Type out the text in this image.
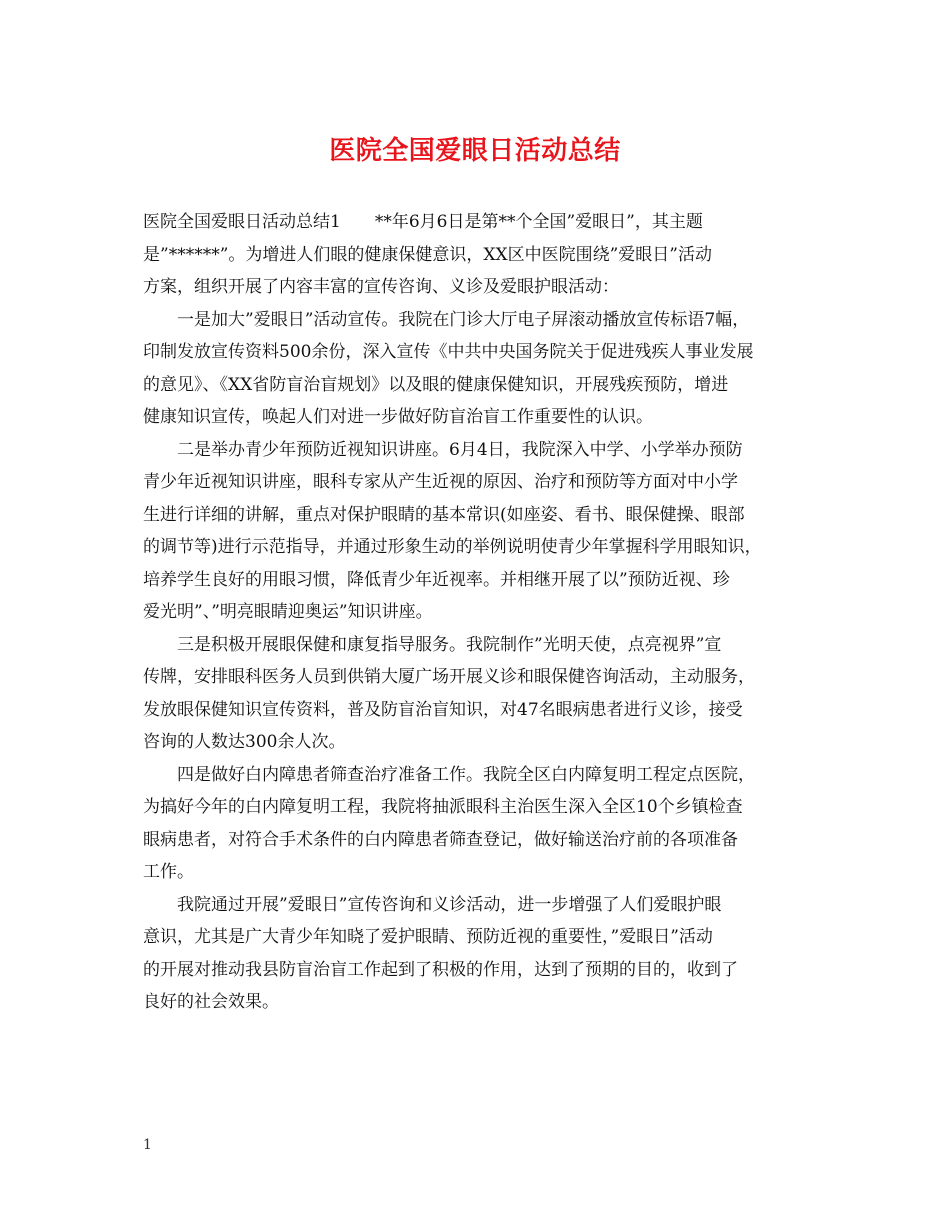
医院全国爱眼日活动总结
医院全国爱眼日活动总结1　　**年6月6日是第**个全国”爱眼日”，其主题
是”******”。为增进人们眼的健康保健意识，XX区中医院围绕”爱眼日”活动
方案，组织开展了内容丰富的宣传咨询、义诊及爱眼护眼活动：
一是加大”爱眼日”活动宣传。我院在门诊大厅电子屏滚动播放宣传标语7幅，
印制发放宣传资料500余份，深入宣传《中共中央国务院关于促进残疾人事业发展
的意见》、《XX省防盲治盲规划》以及眼的健康保健知识，开展残疾预防，增进
健康知识宣传，唤起人们对进一步做好防盲治盲工作重要性的认识。
二是举办青少年预防近视知识讲座。6月4日，我院深入中学、小学举办预防
青少年近视知识讲座，眼科专家从产生近视的原因、治疗和预防等方面对中小学
生进行详细的讲解，重点对保护眼睛的基本常识(如座姿、看书、眼保健操、眼部
的调节等)进行示范指导，并通过形象生动的举例说明使青少年掌握科学用眼知识，
培养学生良好的用眼习惯，降低青少年近视率。并相继开展了以”预防近视、珍
爱光明”、”明亮眼睛迎奥运”知识讲座。
三是积极开展眼保健和康复指导服务。我院制作”光明天使，点亮视界”宣
传牌，安排眼科医务人员到供销大厦广场开展义诊和眼保健咨询活动，主动服务，
发放眼保健知识宣传资料，普及防盲治盲知识，对47名眼病患者进行义诊，接受
咨询的人数达300余人次。
四是做好白内障患者筛查治疗准备工作。我院全区白内障复明工程定点医院，
为搞好今年的白内障复明工程，我院将抽派眼科主治医生深入全区10个乡镇检查
眼病患者，对符合手术条件的白内障患者筛查登记，做好输送治疗前的各项准备
工作。
我院通过开展”爱眼日”宣传咨询和义诊活动，进一步增强了人们爱眼护眼
意识，尤其是广大青少年知晓了爱护眼睛、预防近视的重要性，”爱眼日”活动
的开展对推动我县防盲治盲工作起到了积极的作用，达到了预期的目的，收到了
良好的社会效果。
1
